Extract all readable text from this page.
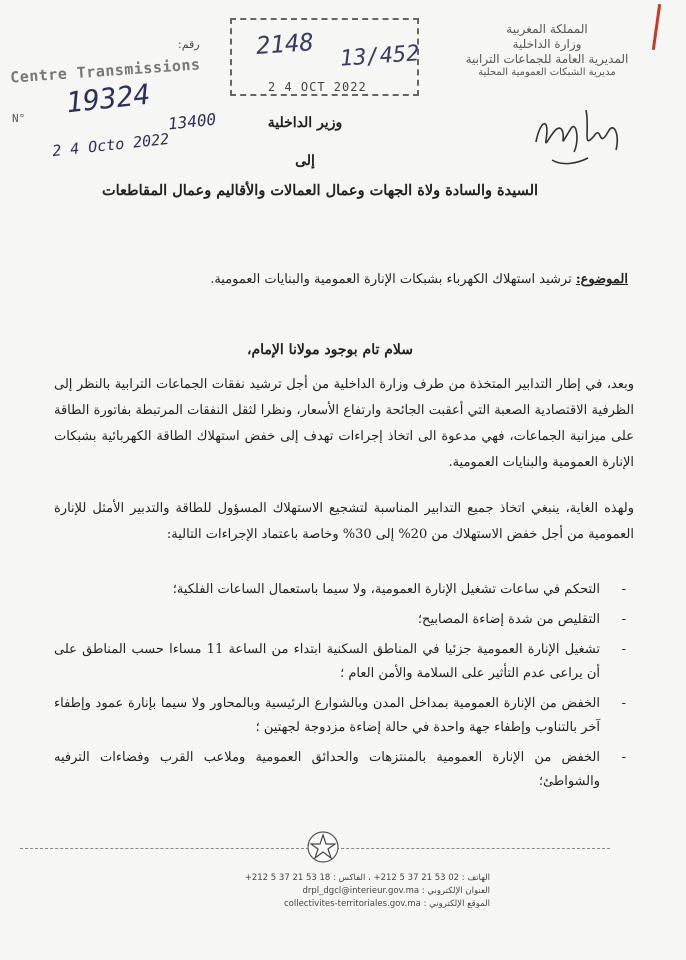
المملكة المغربية
وزارة الداخلية
المديرية العامة للجماعات الترابية
مديرية الشبكات العمومية المحلية
رقم:
Centre Transmissions
N° 19324
13400
2 4 Octo 2022
2148 13/452
2 4 OCT 2022
وزير الداخلية
إلى
السيدة والسادة ولاة الجهات وعمال العمالات والأقاليم وعمال المقاطعات
الموضوع: ترشيد استهلاك الكهرباء بشبكات الإنارة العمومية والبنايات العمومية.
سلام تام بوجود مولانا الإمام،
وبعد، في إطار التدابير المتخذة من طرف وزارة الداخلية من أجل ترشيد نفقات الجماعات الترابية بالنظر إلى الظرفية الاقتصادية الصعبة التي أعقبت الجائحة وارتفاع الأسعار، ونظرا لثقل النفقات المرتبطة بفاتورة الطاقة على ميزانية الجماعات، فهي مدعوة الى اتخاذ إجراءات تهدف إلى خفض استهلاك الطاقة الكهربائية بشبكات الإنارة العمومية والبنايات العمومية.
ولهذه الغاية، ينبغي اتخاذ جميع التدابير المناسبة لتشجيع الاستهلاك المسؤول للطاقة والتدبير الأمثل للإنارة العمومية من أجل خفض الاستهلاك من 20% إلى 30% وخاصة باعتماد الإجراءات التالية:
- التحكم في ساعات تشغيل الإنارة العمومية، ولا سيما باستعمال الساعات الفلكية؛
- التقليص من شدة إضاءة المصابيح؛
- تشغيل الإنارة العمومية جزئيا في المناطق السكنية ابتداء من الساعة 11 مساءا حسب المناطق على أن يراعى عدم التأثير على السلامة والأمن العام ؛
- الخفض من الإنارة العمومية بمداخل المدن وبالشوارع الرئيسية وبالمحاور ولا سيما بإنارة عمود وإطفاء آخر بالتناوب وإطفاء جهة واحدة في حالة إضاءة مزدوجة لجهتين ؛
- الخفض من الإنارة العمومية بالمنتزهات والحدائق العمومية وملاعب القرب وفضاءات الترفيه والشواطئ؛
الهاتف : 02 53 21 37 5 212+ ، الفاكس : 18 53 21 37 5 212+
العنوان الإلكتروني : drpl_dgcl@interieur.gov.ma
الموقع الإلكتروني : collectivites-territoriales.gov.ma
